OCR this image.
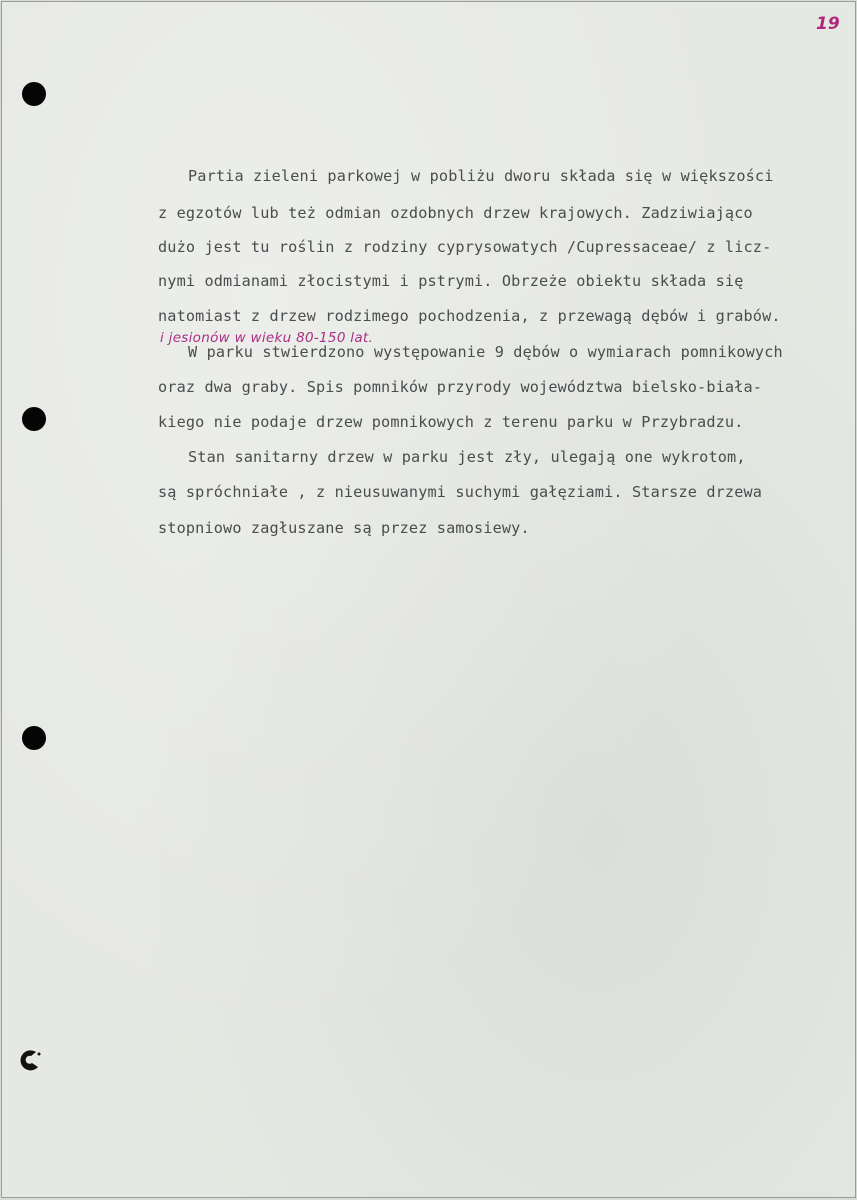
19
Partia zieleni parkowej w pobliżu dworu składa się w większości
z egzotów lub też odmian ozdobnych drzew krajowych. Zadziwiająco
dużo jest tu roślin z rodziny cyprysowatych /Cupressaceae/ z licz-
nymi odmianami złocistymi i pstrymi. Obrzeże obiektu składa się
natomiast z drzew rodzimego pochodzenia, z przewagą dębów i grabów.
i jesionów w wieku 80-150 lat.
W parku stwierdzono występowanie 9 dębów o wymiarach pomnikowych
oraz dwa graby. Spis pomników przyrody województwa bielsko-biała-
kiego nie podaje drzew pomnikowych z terenu parku w Przybradzu.
Stan sanitarny drzew w parku jest zły, ulegają one wykrotom,
są spróchniałe , z nieusuwanymi suchymi gałęziami. Starsze drzewa
stopniowo zagłuszane są przez samosiewy.
